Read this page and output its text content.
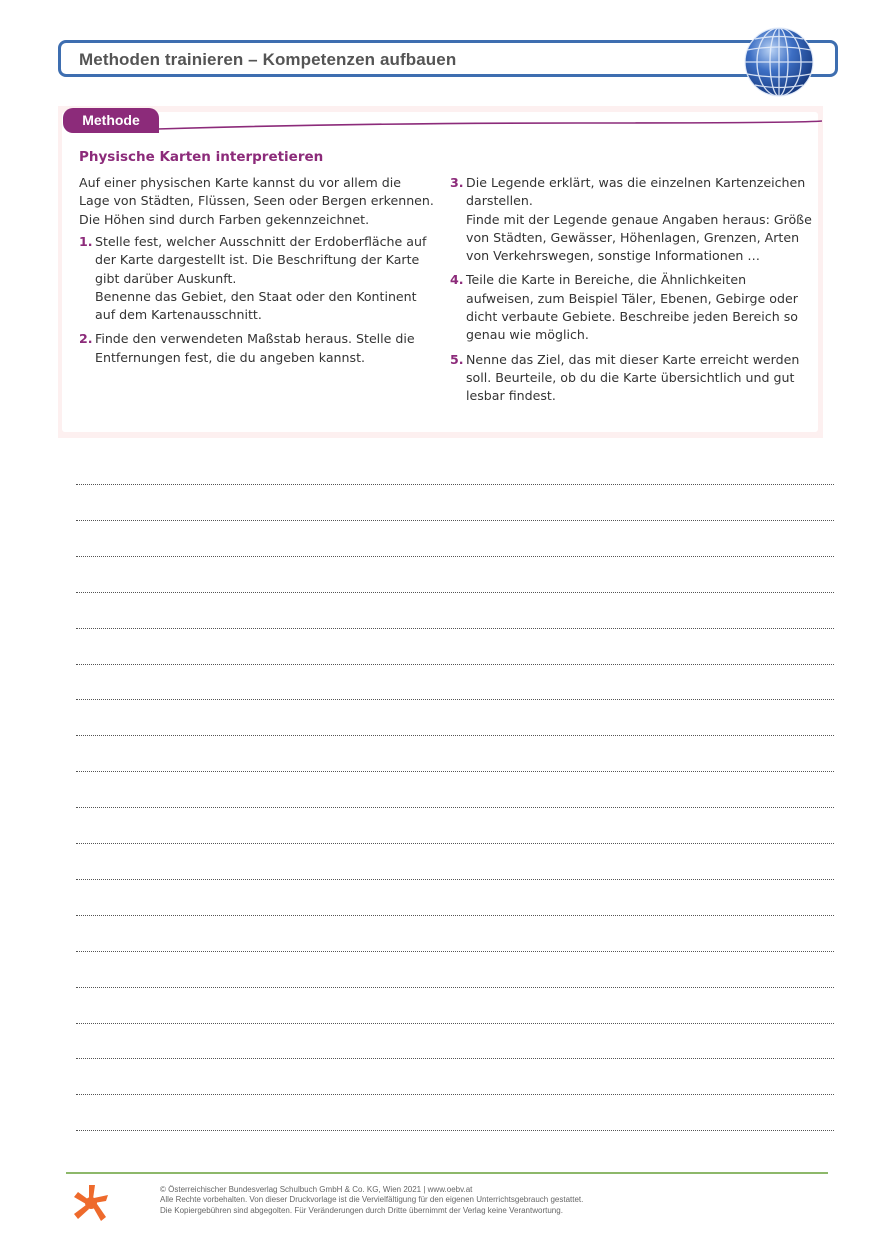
Methoden trainieren – Kompetenzen aufbauen
Methode
Physische Karten interpretieren
Auf einer physischen Karte kannst du vor allem die Lage von Städten, Flüssen, Seen oder Bergen erkennen. Die Höhen sind durch Farben gekennzeichnet.
1. Stelle fest, welcher Ausschnitt der Erdoberfläche auf der Karte dargestellt ist. Die Beschriftung der Karte gibt darüber Auskunft.
Benenne das Gebiet, den Staat oder den Kontinent auf dem Kartenausschnitt.
2. Finde den verwendeten Maßstab heraus. Stelle die Entfernungen fest, die du angeben kannst.
3. Die Legende erklärt, was die einzelnen Kartenzeichen darstellen.
Finde mit der Legende genaue Angaben heraus: Größe von Städten, Gewässer, Höhenlagen, Grenzen, Arten von Verkehrswegen, sonstige Informationen …
4. Teile die Karte in Bereiche, die Ähnlichkeiten aufweisen, zum Beispiel Täler, Ebenen, Gebirge oder dicht verbaute Gebiete. Beschreibe jeden Bereich so genau wie möglich.
5. Nenne das Ziel, das mit dieser Karte erreicht werden soll. Beurteile, ob du die Karte übersichtlich und gut lesbar findest.
© Österreichischer Bundesverlag Schulbuch GmbH & Co. KG, Wien 2021 | www.oebv.at
Alle Rechte vorbehalten. Von dieser Druckvorlage ist die Vervielfältigung für den eigenen Unterrichtsgebrauch gestattet.
Die Kopiergebühren sind abgegolten. Für Veränderungen durch Dritte übernimmt der Verlag keine Verantwortung.
